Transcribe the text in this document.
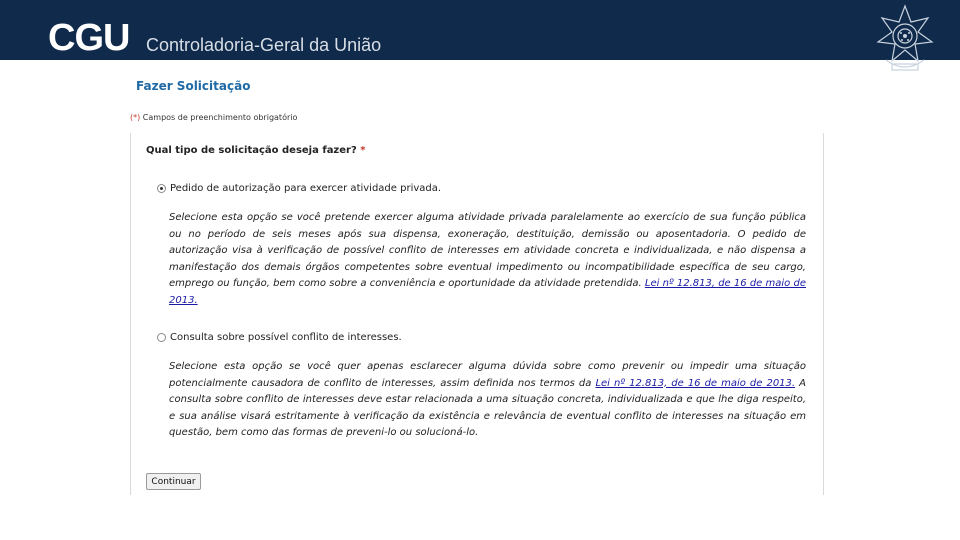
CGU Controladoria-Geral da União
Fazer Solicitação
(*) Campos de preenchimento obrigatório
Qual tipo de solicitação deseja fazer? *
Pedido de autorização para exercer atividade privada.

Selecione esta opção se você pretende exercer alguma atividade privada paralelamente ao exercício de sua função pública ou no período de seis meses após sua dispensa, exoneração, destituição, demissão ou aposentadoria. O pedido de autorização visa à verificação de possível conflito de interesses em atividade concreta e individualizada, e não dispensa a manifestação dos demais órgãos competentes sobre eventual impedimento ou incompatibilidade específica de seu cargo, emprego ou função, bem como sobre a conveniência e oportunidade da atividade pretendida. Lei nº 12.813, de 16 de maio de 2013.

Consulta sobre possível conflito de interesses.

Selecione esta opção se você quer apenas esclarecer alguma dúvida sobre como prevenir ou impedir uma situação potencialmente causadora de conflito de interesses, assim definida nos termos da Lei nº 12.813, de 16 de maio de 2013. A consulta sobre conflito de interesses deve estar relacionada a uma situação concreta, individualizada e que lhe diga respeito, e sua análise visará estritamente à verificação da existência e relevância de eventual conflito de interesses na situação em questão, bem como das formas de preveni-lo ou solucioná-lo.

Continuar
